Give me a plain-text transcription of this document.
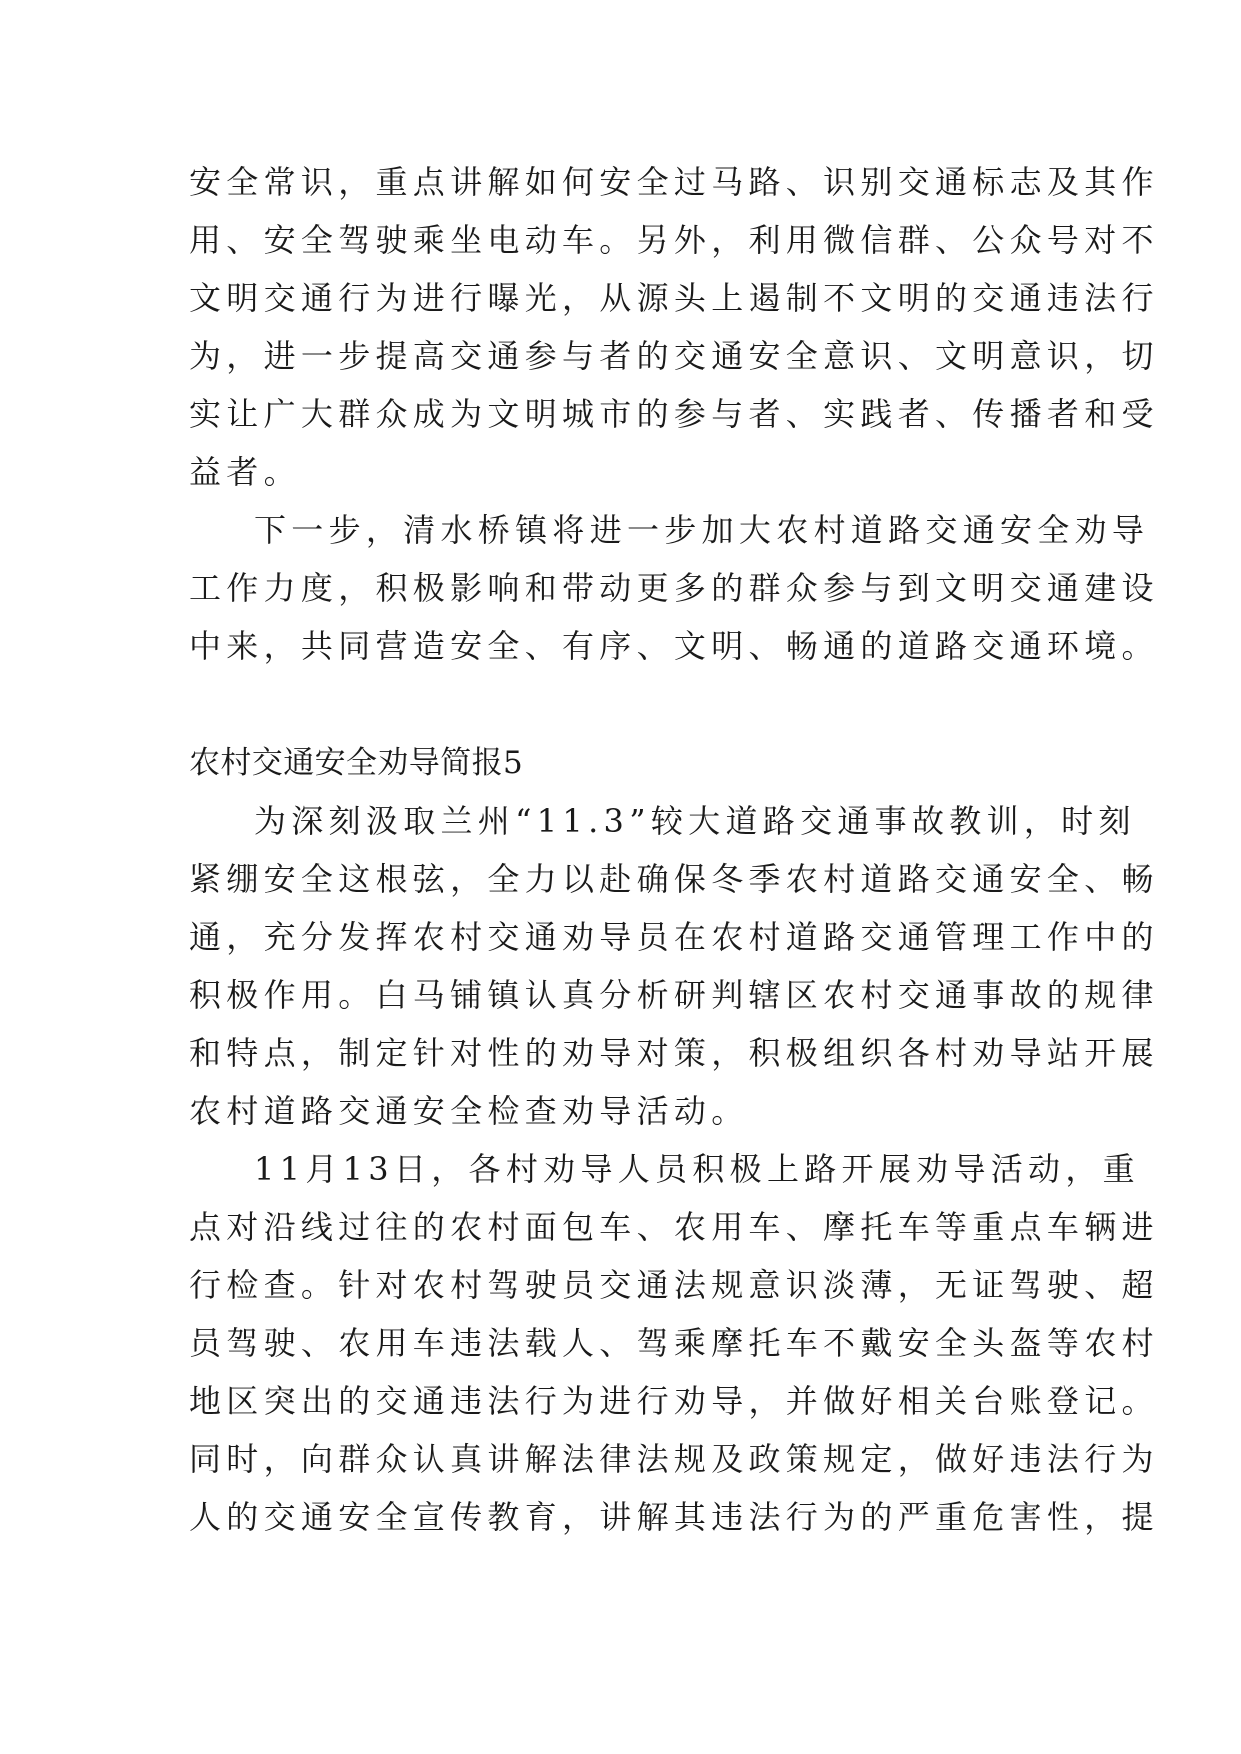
安全常识，重点讲解如何安全过马路、识别交通标志及其作
用、安全驾驶乘坐电动车。另外，利用微信群、公众号对不
文明交通行为进行曝光，从源头上遏制不文明的交通违法行
为，进一步提高交通参与者的交通安全意识、文明意识，切
实让广大群众成为文明城市的参与者、实践者、传播者和受
益者。
下一步，清水桥镇将进一步加大农村道路交通安全劝导
工作力度，积极影响和带动更多的群众参与到文明交通建设
中来，共同营造安全、有序、文明、畅通的道路交通环境。
农村交通安全劝导简报5
为深刻汲取兰州“11.3”较大道路交通事故教训，时刻
紧绷安全这根弦，全力以赴确保冬季农村道路交通安全、畅
通，充分发挥农村交通劝导员在农村道路交通管理工作中的
积极作用。白马铺镇认真分析研判辖区农村交通事故的规律
和特点，制定针对性的劝导对策，积极组织各村劝导站开展
农村道路交通安全检查劝导活动。
11月13日，各村劝导人员积极上路开展劝导活动，重
点对沿线过往的农村面包车、农用车、摩托车等重点车辆进
行检查。针对农村驾驶员交通法规意识淡薄，无证驾驶、超
员驾驶、农用车违法载人、驾乘摩托车不戴安全头盔等农村
地区突出的交通违法行为进行劝导，并做好相关台账登记。
同时，向群众认真讲解法律法规及政策规定，做好违法行为
人的交通安全宣传教育，讲解其违法行为的严重危害性，提
